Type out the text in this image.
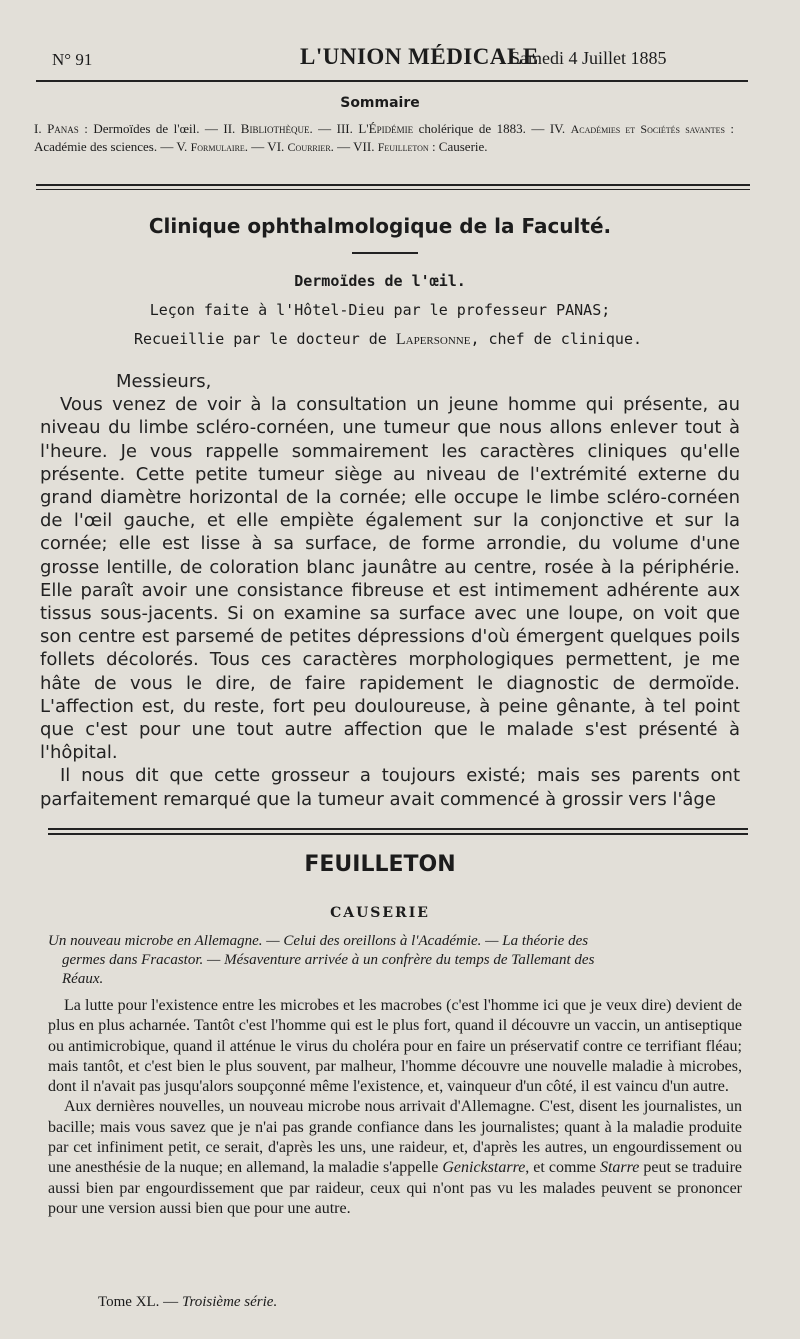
N° 91	L'UNION MÉDICALE
Samedi 4 Juillet 1885
Sommaire
I. Panas : Dermoïdes de l'œil. — II. Bibliothèque. — III. L'Épidémie cholérique de 1883. — IV. Académies et Sociétés savantes : Académie des sciences. — V. Formulaire. — VI. Courrier. — VII. Feuilleton : Causerie.
Clinique ophthalmologique de la Faculté.
Dermoïdes de l'œil.
Leçon faite à l'Hôtel-Dieu par le professeur PANAS;
Recueillie par le docteur de Lapersonne, chef de clinique.

Messieurs,

Vous venez de voir à la consultation un jeune homme qui présente, au niveau du limbe scléro-cornéen, une tumeur que nous allons enlever tout à l'heure. Je vous rappelle sommairement les caractères cliniques qu'elle présente. Cette petite tumeur siège au niveau de l'extrémité externe du grand diamètre horizontal de la cornée; elle occupe le limbe scléro-cornéen de l'œil gauche, et elle empiète également sur la conjonctive et sur la cornée; elle est lisse à sa surface, de forme arrondie, du volume d'une grosse lentille, de coloration blanc jaunâtre au centre, rosée à la périphérie. Elle paraît avoir une consistance fibreuse et est intimement adhérente aux tissus sous-jacents. Si on examine sa surface avec une loupe, on voit que son centre est parsemé de petites dépressions d'où émergent quelques poils follets décolorés. Tous ces caractères morphologiques permettent, je me hâte de vous le dire, de faire rapidement le diagnostic de dermoïde. L'affection est, du reste, fort peu douloureuse, à peine gênante, à tel point que c'est pour une tout autre affection que le malade s'est présenté à l'hôpital.

Il nous dit que cette grosseur a toujours existé; mais ses parents ont parfaitement remarqué que la tumeur avait commencé à grossir vers l'âge

FEUILLETON
CAUSERIE
Un nouveau microbe en Allemagne. — Celui des oreillons à l'Académie. — La théorie des
germes dans Fracastor. — Mésaventure arrivée à un confrère du temps de Tallemant des
Réaux.

La lutte pour l'existence entre les microbes et les macrobes (c'est l'homme ici que je veux dire) devient de plus en plus acharnée. Tantôt c'est l'homme qui est le plus fort, quand il découvre un vaccin, un antiseptique ou antimicrobique, quand il atténue le virus du choléra pour en faire un préservatif contre ce terrifiant fléau; mais tantôt, et c'est bien le plus souvent, par malheur, l'homme découvre une nouvelle maladie à microbes, dont il n'avait pas jusqu'alors soupçonné même l'existence, et, vainqueur d'un côté, il est vaincu d'un autre.

Aux dernières nouvelles, un nouveau microbe nous arrivait d'Allemagne. C'est, disent les journalistes, un bacille; mais vous savez que je n'ai pas grande confiance dans les journalistes; quant à la maladie produite par cet infiniment petit, ce serait, d'après les uns, une raideur, et, d'après les autres, un engourdissement ou une anesthésie de la nuque; en allemand, la maladie s'appelle Genickstarre, et comme Starre peut se traduire aussi bien par engourdissement que par raideur, ceux qui n'ont pas vu les malades peuvent se prononcer pour une version aussi bien que pour une autre.

Tome XL. — Troisième série.
